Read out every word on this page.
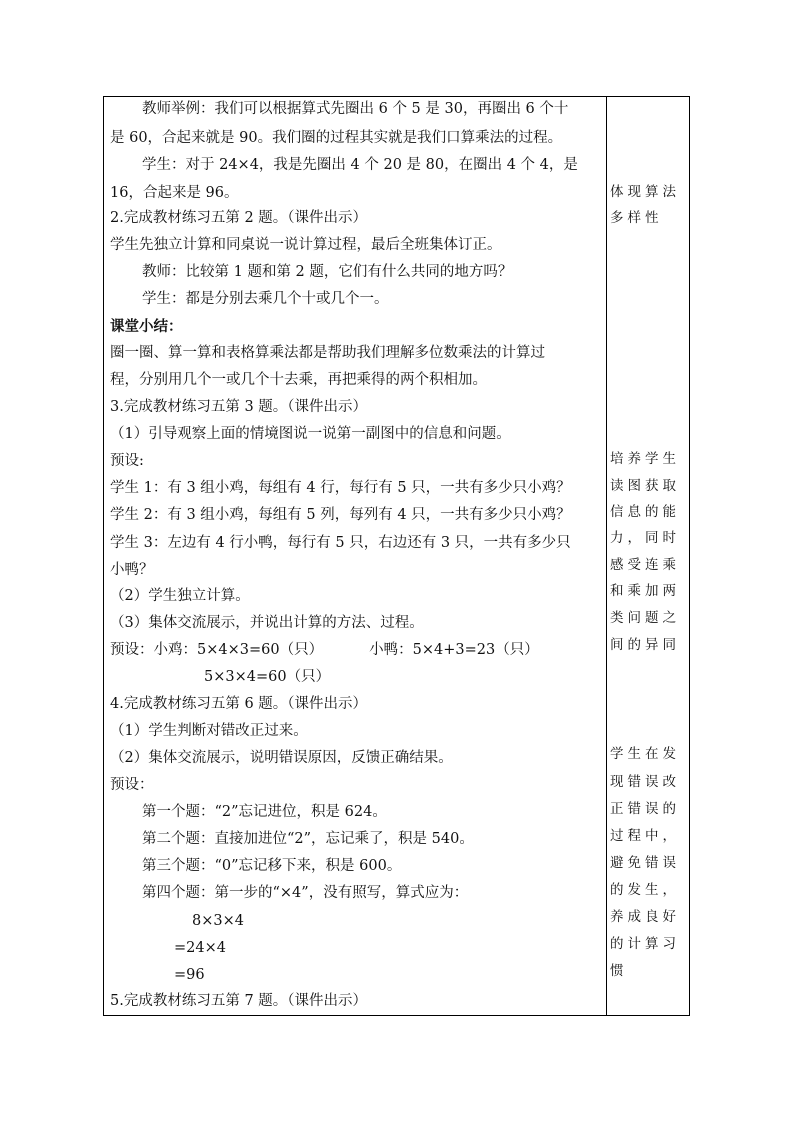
教师举例：我们可以根据算式先圈出 6 个 5 是 30，再圈出 6 个十
是 60，合起来就是 90。我们圈的过程其实就是我们口算乘法的过程。
学生：对于 24×4，我是先圈出 4 个 20 是 80，在圈出 4 个 4，是
16，合起来是 96。
2.完成教材练习五第 2 题。（课件出示）
学生先独立计算和同桌说一说计算过程，最后全班集体订正。
教师：比较第 1 题和第 2 题，它们有什么共同的地方吗？
学生：都是分别去乘几个十或几个一。
课堂小结：
圈一圈、算一算和表格算乘法都是帮助我们理解多位数乘法的计算过
程，分别用几个一或几个十去乘，再把乘得的两个积相加。
3.完成教材练习五第 3 题。（课件出示）
（1）引导观察上面的情境图说一说第一副图中的信息和问题。
预设:
学生 1：有 3 组小鸡，每组有 4 行，每行有 5 只，一共有多少只小鸡？
学生 2：有 3 组小鸡，每组有 5 列，每列有 4 只，一共有多少只小鸡？
学生 3：左边有 4 行小鸭，每行有 5 只，右边还有 3 只，一共有多少只
小鸭？
（2）学生独立计算。
（3）集体交流展示，并说出计算的方法、过程。
预设：小鸡：5×4×3=60（只）          小鸭：5×4+3=23（只）
5×3×4=60（只）
4.完成教材练习五第 6 题。（课件出示）
（1）学生判断对错改正过来。
（2）集体交流展示，说明错误原因，反馈正确结果。
预设：
第一个题：“2”忘记进位，积是 624。
第二个题：直接加进位“2”，忘记乘了，积是 540。
第三个题：“0”忘记移下来，积是 600。
第四个题：第一步的“×4”，没有照写，算式应为：
8×3×4
=24×4
=96
5.完成教材练习五第 7 题。（课件出示）
体现算法
多样性
培养学生
读图获取
信息的能
力，同时
感受连乘
和乘加两
类问题之
间的异同
学生在发
现错误改
正错误的
过程中，
避免错误
的发生，
养成良好
的计算习
惯
